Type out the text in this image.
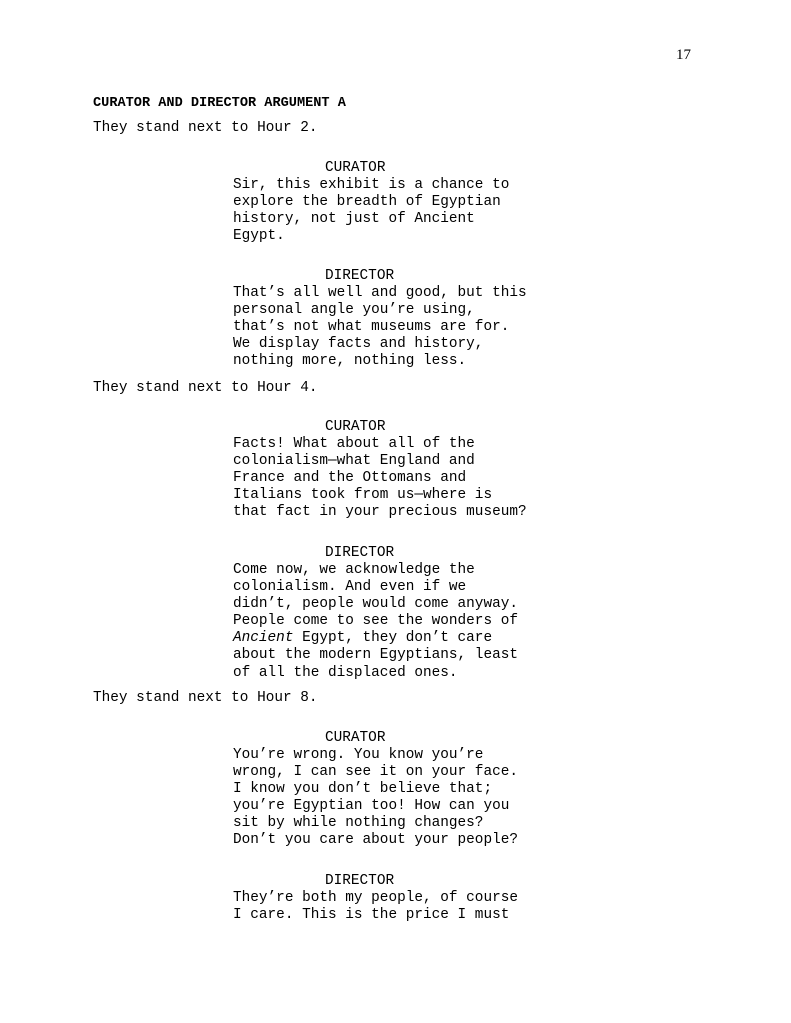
17
CURATOR AND DIRECTOR ARGUMENT A
They stand next to Hour 2.
CURATOR
Sir, this exhibit is a chance to
explore the breadth of Egyptian
history, not just of Ancient
Egypt.
DIRECTOR
That’s all well and good, but this
personal angle you’re using,
that’s not what museums are for.
We display facts and history,
nothing more, nothing less.
They stand next to Hour 4.
CURATOR
Facts! What about all of the
colonialism—what England and
France and the Ottomans and
Italians took from us—where is
that fact in your precious museum?
DIRECTOR
Come now, we acknowledge the
colonialism. And even if we
didn’t, people would come anyway.
People come to see the wonders of
Ancient Egypt, they don’t care
about the modern Egyptians, least
of all the displaced ones.
They stand next to Hour 8.
CURATOR
You’re wrong. You know you’re
wrong, I can see it on your face.
I know you don’t believe that;
you’re Egyptian too! How can you
sit by while nothing changes?
Don’t you care about your people?
DIRECTOR
They’re both my people, of course
I care. This is the price I must
